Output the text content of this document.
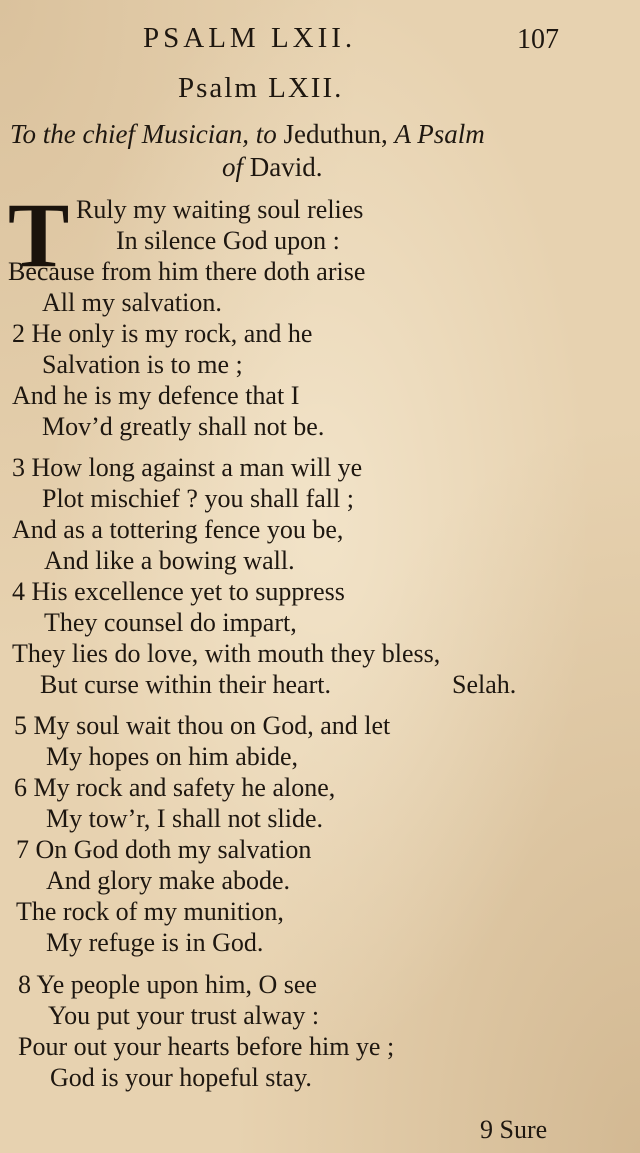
PSALM LXII.	107
Psalm LXII.
To the chief Musician, to Jeduthun, A Psalm
of David.
T Ruly my waiting soul relies
In silence God upon :
Because from him there doth arise
All my salvation.
2 He only is my rock, and he
Salvation is to me ;
And he is my defence that I
Mov’d greatly shall not be.
3 How long against a man will ye
Plot mischief ? you shall fall ;
And as a tottering fence you be,
And like a bowing wall.
4 His excellence yet to suppress
They counsel do impart,
They lies do love, with mouth they bless,
But curse within their heart.	Selah.
5 My soul wait thou on God, and let
My hopes on him abide,
6 My rock and safety he alone,
My tow’r, I shall not slide.
7 On God doth my salvation
And glory make abode.
The rock of my munition,
My refuge is in God.
8 Ye people upon him, O see
You put your trust alway :
Pour out your hearts before him ye ;
God is your hopeful stay.
9 Sure
